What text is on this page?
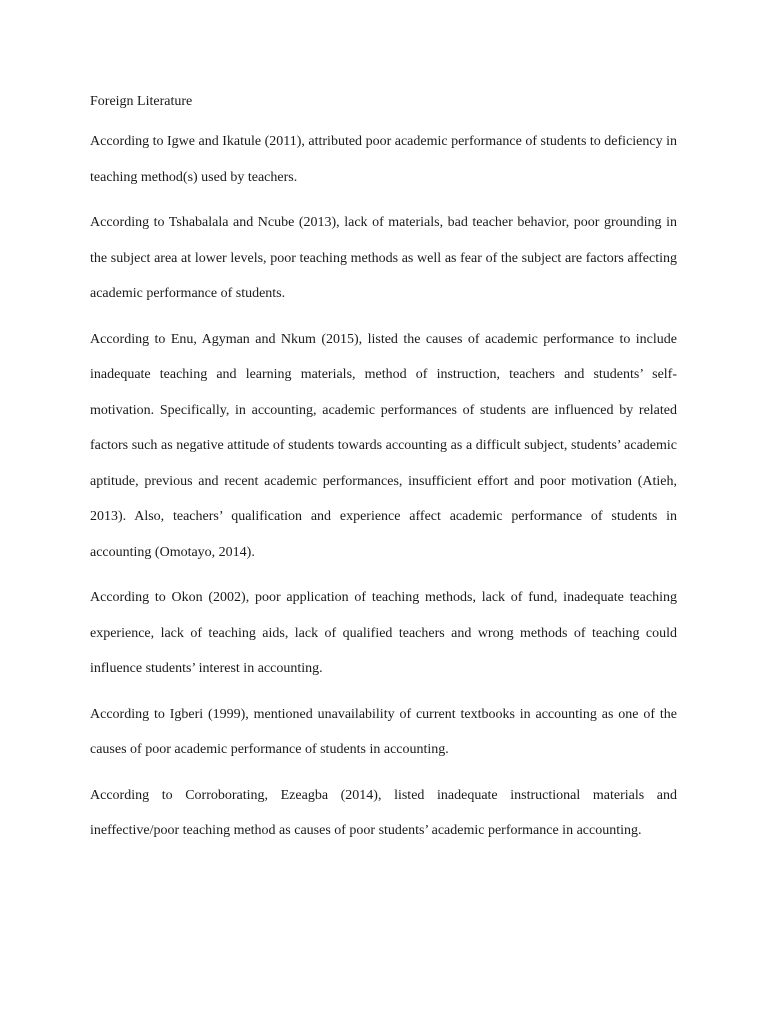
Foreign Literature

According to Igwe and Ikatule (2011), attributed poor academic performance of students to deficiency in teaching method(s) used by teachers.

According to Tshabalala and Ncube (2013), lack of materials, bad teacher behavior, poor grounding in the subject area at lower levels, poor teaching methods as well as fear of the subject are factors affecting academic performance of students.

According to Enu, Agyman and Nkum (2015), listed the causes of academic performance to include inadequate teaching and learning materials, method of instruction, teachers and students’ self-motivation. Specifically, in accounting, academic performances of students are influenced by related factors such as negative attitude of students towards accounting as a difficult subject, students’ academic aptitude, previous and recent academic performances, insufficient effort and poor motivation (Atieh, 2013). Also, teachers’ qualification and experience affect academic performance of students in accounting (Omotayo, 2014).

According to Okon (2002), poor application of teaching methods, lack of fund, inadequate teaching experience, lack of teaching aids, lack of qualified teachers and wrong methods of teaching could influence students’ interest in accounting.

According to Igberi (1999), mentioned unavailability of current textbooks in accounting as one of the causes of poor academic performance of students in accounting.

According to Corroborating, Ezeagba (2014), listed inadequate instructional materials and ineffective/poor teaching method as causes of poor students’ academic performance in accounting.
